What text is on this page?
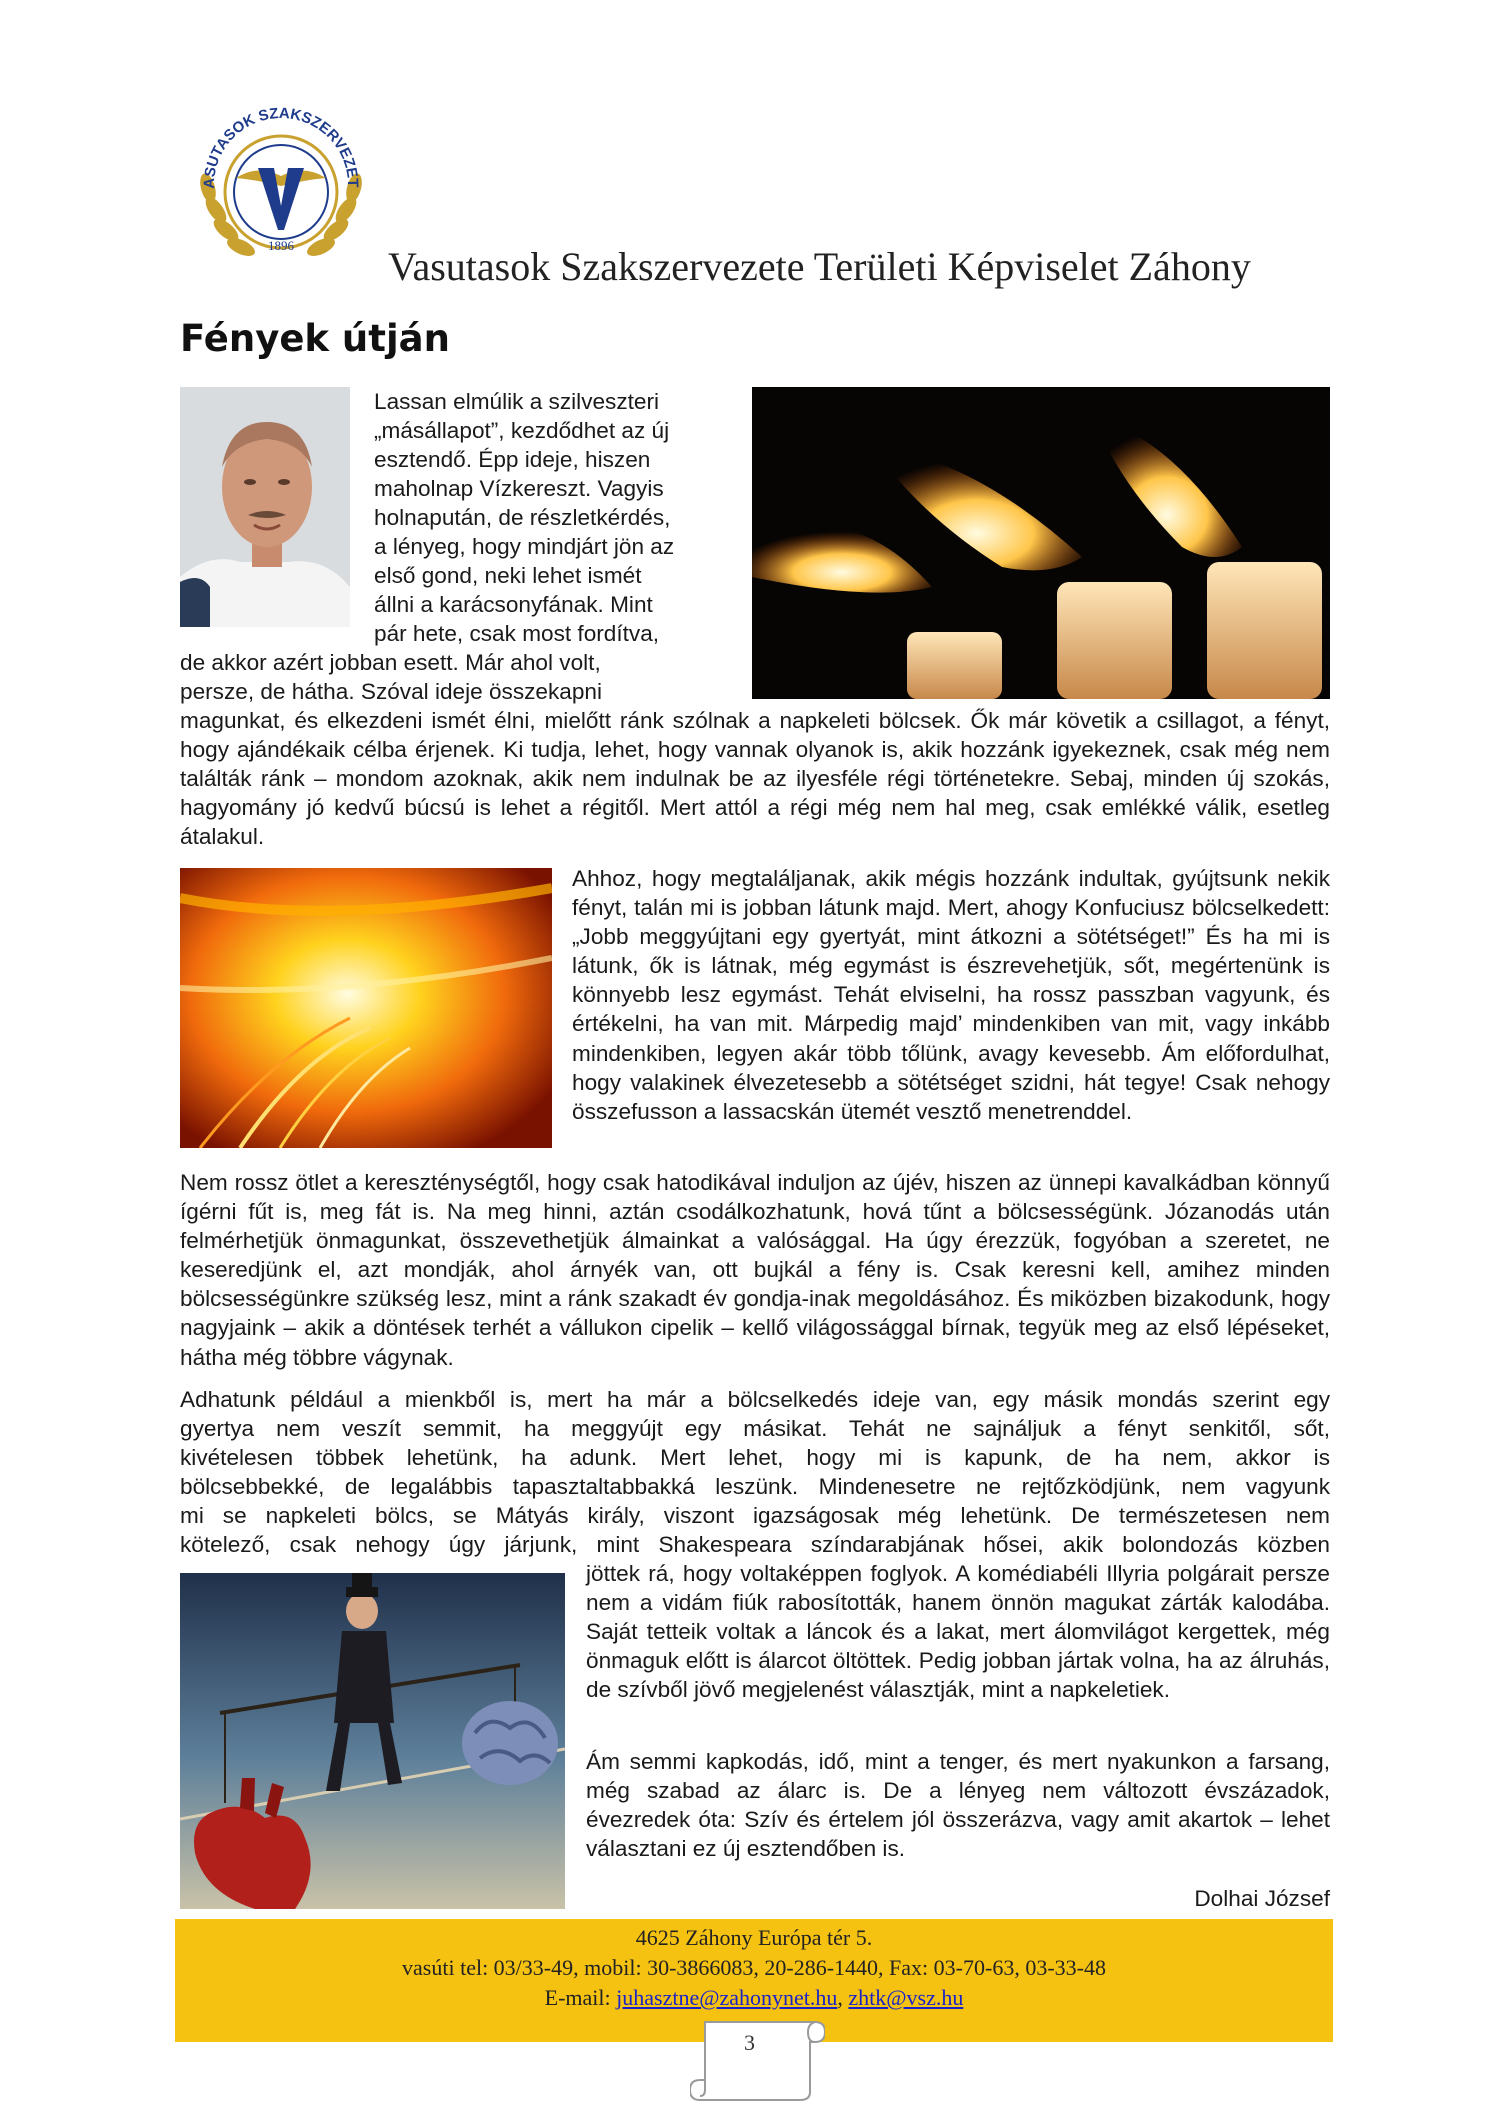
1896
ASUTASOK SZAKSZERVEZET
Vasutasok Szakszervezete Területi Képviselet Záhony
Fények útján

Lassan elmúlik a szilveszteri

„másállapot”, kezdődhet az új

esztendő. Épp ideje, hiszen

maholnap Vízkereszt. Vagyis

holnapután, de részletkérdés,

a lényeg, hogy mindjárt jön az

első gond, neki lehet ismét

állni a karácsonyfának. Mint

pár hete, csak most fordítva,

de akkor azért jobban esett. Már ahol volt,

persze, de hátha. Szóval ideje összekapni

magunkat, és elkezdeni ismét élni, mielőtt ránk szólnak a napkeleti bölcsek. Ők már követik a csillagot, a fényt, hogy ajándékaik célba érjenek. Ki tudja, lehet, hogy vannak olyanok is, akik hozzánk igyekeznek, csak még nem találták ránk – mondom azoknak, akik nem indulnak be az ilyesféle régi történetekre. Sebaj, minden új szokás, hagyomány jó kedvű búcsú is lehet a régitől. Mert attól a régi még nem hal meg, csak emlékké válik, esetleg átalakul.

Ahhoz, hogy megtaláljanak, akik mégis hozzánk indultak, gyújtsunk nekik fényt, talán mi is jobban látunk majd. Mert, ahogy Konfuciusz bölcselkedett: „Jobb meggyújtani egy gyertyát, mint átkozni a sötétséget!” És ha mi is látunk, ők is látnak, még egymást is észrevehetjük, sőt, megértenünk is könnyebb lesz egymást. Tehát elviselni, ha rossz passzban vagyunk, és értékelni, ha van mit. Márpedig majd’ mindenkiben van mit, vagy inkább mindenkiben, legyen akár több tőlünk, avagy kevesebb. Ám előfordulhat, hogy valakinek élvezetesebb a sötétséget szidni, hát tegye! Csak nehogy összefusson a lassacskán ütemét vesztő menetrenddel.

Nem rossz ötlet a kereszténységtől, hogy csak hatodikával induljon az újév, hiszen az ünnepi kavalkádban könnyű ígérni fűt is, meg fát is. Na meg hinni, aztán csodálkozhatunk, hová tűnt a bölcsességünk. Józanodás után felmérhetjük önmagunkat, összevethetjük álmainkat a valósággal. Ha úgy érezzük, fogyóban a szeretet, ne keseredjünk el, azt mondják, ahol árnyék van, ott bujkál a fény is. Csak keresni kell, amihez minden bölcsességünkre szükség lesz, mint a ránk szakadt év gondja-inak megoldásához. És miközben bizakodunk, hogy nagyjaink – akik a döntések terhét a vállukon cipelik – kellő világossággal bírnak, tegyük meg az első lépéseket, hátha még többre vágynak.

Adhatunk például a mienkből is, mert ha már a bölcselkedés ideje van, egy másik mondás szerint egy

gyertya nem veszít semmit, ha meggyújt egy másikat. Tehát ne sajnáljuk a fényt senkitől, sőt,

kivételesen többek lehetünk, ha adunk. Mert lehet, hogy mi is kapunk, de ha nem, akkor is

bölcsebbekké, de legalábbis tapasztaltabbakká leszünk. Mindenesetre ne rejtőzködjünk, nem vagyunk

mi se napkeleti bölcs, se Mátyás király, viszont igazságosak még lehetünk. De természetesen nem

kötelező, csak nehogy úgy járjunk, mint Shakespeara színdarabjának hősei, akik bolondozás közben

jöttek rá, hogy voltaképpen foglyok. A komédiabéli Illyria polgárait persze nem a vidám fiúk rabosították, hanem önnön magukat zárták kalodába. Saját tetteik voltak a láncok és a lakat, mert álomvilágot kergettek, még önmaguk előtt is álarcot öltöttek. Pedig jobban jártak volna, ha az álruhás, de szívből jövő megjelenést választják, mint a napkeletiek.

Ám semmi kapkodás, idő, mint a tenger, és mert nyakunkon a farsang, még szabad az álarc is. De a lényeg nem változott évszázadok, évezredek óta: Szív és értelem jól összerázva, vagy amit akartok – lehet választani ez új esztendőben is.

Dolhai József

4625 Záhony Európa tér 5.
vasúti tel: 03/33-49, mobil: 30-3866083, 20-286-1440, Fax: 03-70-63, 03-33-48
E-mail: juhasztne@zahonynet.hu, zhtk@vsz.hu
3
